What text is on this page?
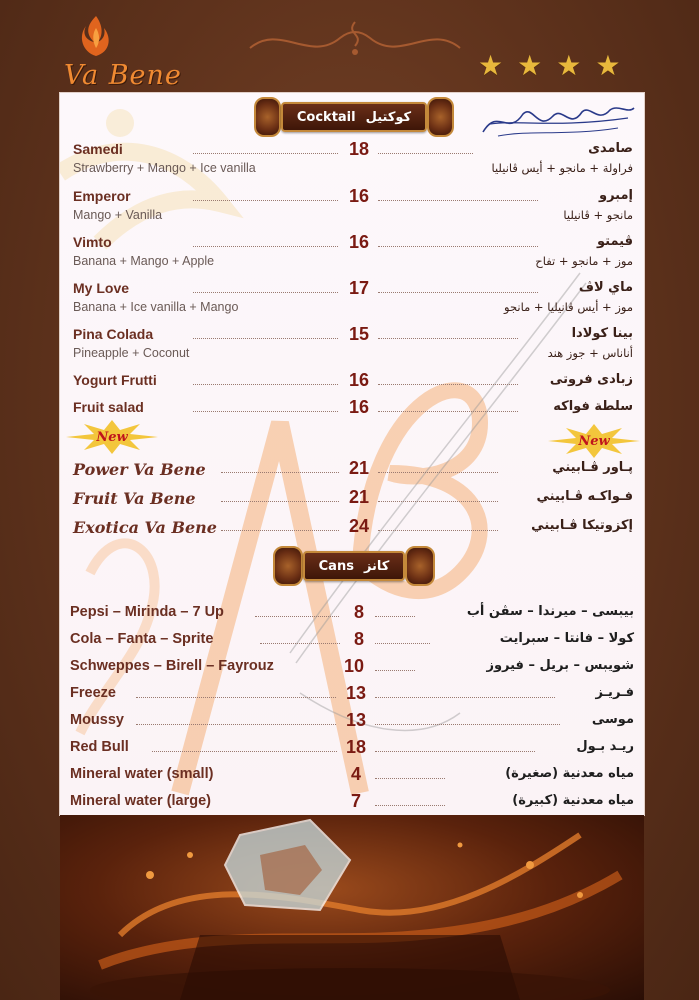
Va Bene	★ ★ ★ ★
Cocktail كوكتيل
Samedi	18	صامدى
Strawberry + Mango + Ice vanilla	فراولة + مانجو + أيس ڤانيليا
Emperor	16	إمبرو
Mango + Vanilla	مانجو + ڤانيليا
Vimto	16	ڤيمتو
Banana + Mango + Apple	موز + مانجو + تفاح
My Love	17	ماي لاڤ
Banana + Ice vanilla + Mango	موز + أيس ڤانيليا + مانجو
Pina Colada	15	بينا كولادا
Pineapple + Coconut	أناناس + جوز هند
Yogurt Frutti	16	زبادى فروتى
Fruit salad	16	سلطة فواكه
New	New
Power Va Bene	21	پـاور ڤـابيني
Fruit Va Bene	21	فـواكـه ڤـابيني
Exotica Va Bene	24	إكزوتيكا ڤـابيني
Cans كانز
Pepsi – Mirinda – 7 Up	8	بيبسى – ميرندا – سڤن أب
Cola – Fanta – Sprite	8	كولا – فانتا – سبرايت
Schweppes – Birell – Fayrouz	10	شويبس – بريل – فيروز
Freeze	13	فـريـز
Moussy	13	موسى
Red Bull	18	ريـد بـول
Mineral water (small)	4	مياه معدنية (صغيرة)
Mineral water (large)	7	مياه معدنية (كبيرة)
